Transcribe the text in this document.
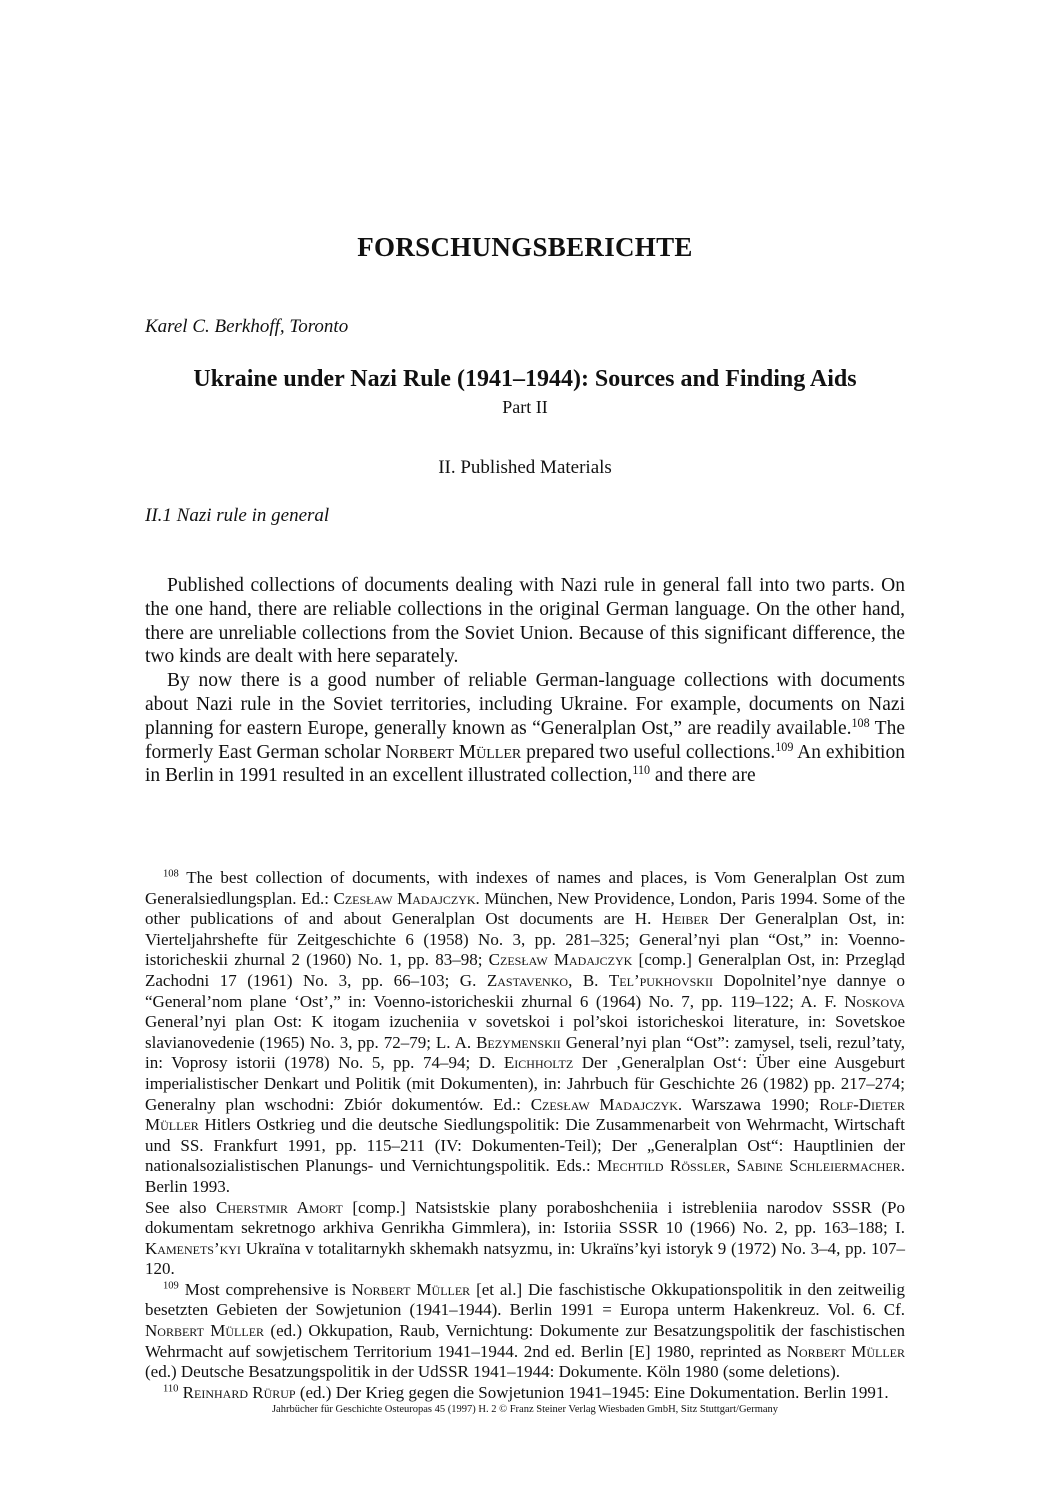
FORSCHUNGSBERICHTE
Karel C. Berkhoff, Toronto
Ukraine under Nazi Rule (1941–1944): Sources and Finding Aids
Part II
II. Published Materials
II.1 Nazi rule in general

Published collections of documents dealing with Nazi rule in general fall into two parts. On the one hand, there are reliable collections in the original German language. On the other hand, there are unreliable collections from the Soviet Union. Because of this significant difference, the two kinds are dealt with here separately.

By now there is a good number of reliable German-language collections with documents about Nazi rule in the Soviet territories, including Ukraine. For example, documents on Nazi planning for eastern Europe, generally known as “Generalplan Ost,” are readily available.$^{108}$ The formerly East German scholar Norbert Müller prepared two useful collections.$^{109}$ An exhibition in Berlin in 1991 resulted in an excellent illustrated collection,$^{110}$ and there are

$^{108}$ The best collection of documents, with indexes of names and places, is Vom Generalplan Ost zum Generalsiedlungsplan. Ed.: Czesław Madajczyk. München, New Providence, London, Paris 1994. Some of the other publications of and about Generalplan Ost documents are H. Heiber Der Generalplan Ost, in: Vierteljahrshefte für Zeitgeschichte 6 (1958) No. 3, pp. 281–325; General’nyi plan “Ost,” in: Voenno-istoricheskii zhurnal 2 (1960) No. 1, pp. 83–98; Czesław Madajczyk [comp.] Generalplan Ost, in: Przegląd Zachodni 17 (1961) No. 3, pp. 66–103; G. Zastavenko, B. Tel’pukhovskii Dopolnitel’nye dannye o “General’nom plane ‘Ost’,” in: Voenno-istoricheskii zhurnal 6 (1964) No. 7, pp. 119–122; A. F. Noskova General’nyi plan Ost: K itogam izucheniia v sovetskoi i pol’skoi istoricheskoi literature, in: Sovetskoe slavianovedenie (1965) No. 3, pp. 72–79; L. A. Bezymenskii General’nyi plan “Ost”: zamysel, tseli, rezul’taty, in: Voprosy istorii (1978) No. 5, pp. 74–94; D. Eichholtz Der ‚Generalplan Ost‘: Über eine Ausgeburt imperialistischer Denkart und Politik (mit Dokumenten), in: Jahrbuch für Geschichte 26 (1982) pp. 217–274; Generalny plan wschodni: Zbiór dokumentów. Ed.: Czesław Madajczyk. Warszawa 1990; Rolf-Dieter Müller Hitlers Ostkrieg und die deutsche Siedlungspolitik: Die Zusammenarbeit von Wehrmacht, Wirtschaft und SS. Frankfurt 1991, pp. 115–211 (IV: Dokumenten-Teil); Der „Generalplan Ost“: Hauptlinien der nationalsozialistischen Planungs- und Vernichtungspolitik. Eds.: Mechtild Rössler, Sabine Schleiermacher. Berlin 1993.

See also Cherstmir Amort [comp.] Natsistskie plany poraboshcheniia i istrebleniia narodov SSSR (Po dokumentam sekretnogo arkhiva Genrikha Gimmlera), in: Istoriia SSSR 10 (1966) No. 2, pp. 163–188; I. Kamenets’kyi Ukraïna v totalitarnykh skhemakh natsyzmu, in: Ukraïns’kyi istoryk 9 (1972) No. 3–4, pp. 107–120.

$^{109}$ Most comprehensive is Norbert Müller [et al.] Die faschistische Okkupationspolitik in den zeitweilig besetzten Gebieten der Sowjetunion (1941–1944). Berlin 1991 = Europa unterm Hakenkreuz. Vol. 6. Cf. Norbert Müller (ed.) Okkupation, Raub, Vernichtung: Dokumente zur Besatzungspolitik der faschistischen Wehrmacht auf sowjetischem Territorium 1941–1944. 2nd ed. Berlin [E] 1980, reprinted as Norbert Müller (ed.) Deutsche Besatzungspolitik in der UdSSR 1941–1944: Dokumente. Köln 1980 (some deletions).

$^{110}$ Reinhard Rürup (ed.) Der Krieg gegen die Sowjetunion 1941–1945: Eine Dokumentation. Berlin 1991.

Jahrbücher für Geschichte Osteuropas 45 (1997) H. 2 © Franz Steiner Verlag Wiesbaden GmbH, Sitz Stuttgart/Germany
